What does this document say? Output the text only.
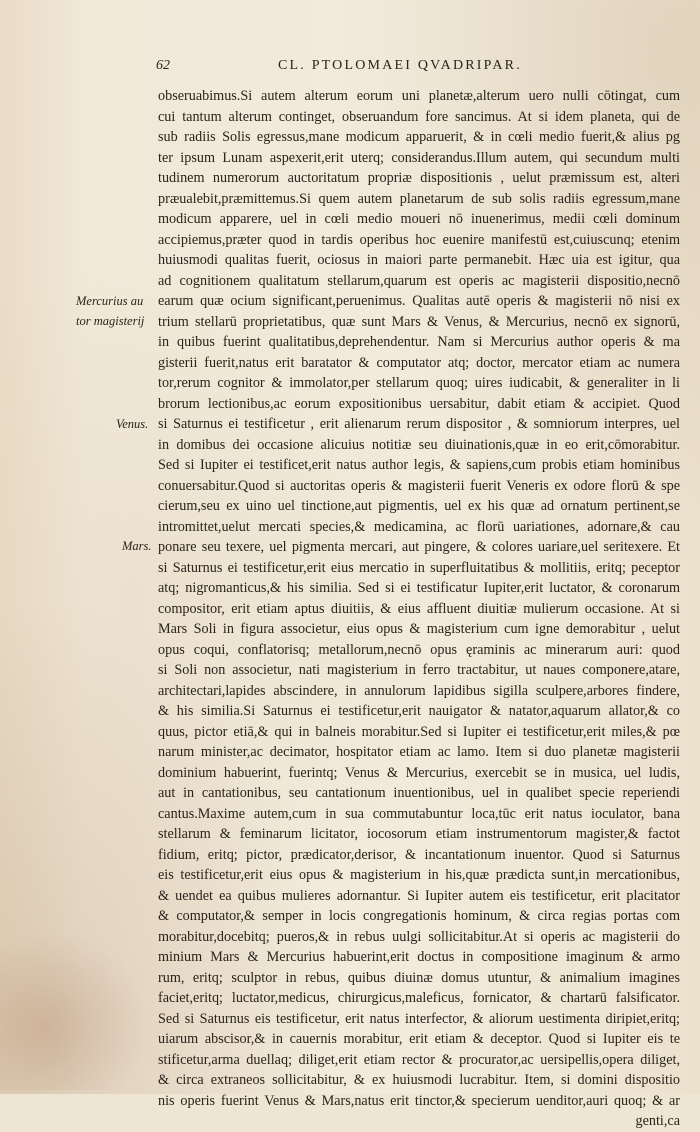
62	CL. PTOLOMAEI QVADRIPAR.
Mercurius au
tor magisterij
Venus.
Mars.
obseruabimus.Si autem alterum eorum uni planetæ,alterum uero nulli cōtingat, cum
cui tantum alterum continget, obseruandum fore sancimus. At si idem planeta, qui de
sub radiis Solis egressus,mane modicum apparuerit, & in cœli medio fuerit,& alius pg
ter ipsum Lunam aspexerit,erit uterq; considerandus.Illum autem, qui secundum multi
tudinem numerorum auctoritatum propriæ dispositionis , uelut præmissum est, alteri
præualebit,præmittemus.Si quem autem planetarum de sub solis radiis egressum,mane
modicum apparere, uel in cœli medio moueri nō inuenerimus, medii cœli dominum
accipiemus,præter quod in tardis operibus hoc euenire manifestū est,cuiuscunq; etenim
huiusmodi qualitas fuerit, ociosus in maiori parte permanebit. Hæc uia est igitur, qua
ad cognitionem qualitatum stellarum,quarum est operis ac magisterii dispositio,necnō
earum quæ ocium significant,peruenimus. Qualitas autē operis & magisterii nō nisi ex
trium stellarū proprietatibus, quæ sunt Mars & Venus, & Mercurius, necnō ex signorū,
in quibus fuerint qualitatibus,deprehendentur. Nam si Mercurius author operis & ma
gisterii fuerit,natus erit baratator & computator atq; doctor, mercator etiam ac numera
tor,rerum cognitor & immolator,per stellarum quoq; uires iudicabit, & generaliter in li
brorum lectionibus,ac eorum expositionibus uersabitur, dabit etiam & accipiet. Quod
si Saturnus ei testificetur , erit alienarum rerum dispositor , & somniorum interpres, uel
in domibus dei occasione alicuius notitiæ seu diuinationis,quæ in eo erit,cōmorabitur.
Sed si Iupiter ei testificet,erit natus author legis, & sapiens,cum probis etiam hominibus
conuersabitur.Quod si auctoritas operis & magisterii fuerit Veneris ex odore florū & spe
cierum,seu ex uino uel tinctione,aut pigmentis, uel ex his quæ ad ornatum pertinent,se
intromittet,uelut mercati species,& medicamina, ac florū uariationes, adornare,& cau
ponare seu texere, uel pigmenta mercari, aut pingere, & colores uariare,uel seritexere. Et
si Saturnus ei testificetur,erit eius mercatio in superfluitatibus & mollitiis, eritq; peceptor
atq; nigromanticus,& his similia. Sed si ei testificatur Iupiter,erit luctator, & coronarum
compositor, erit etiam aptus diuitiis, & eius affluent diuitiæ mulierum occasione. At si
Mars Soli in figura associetur, eius opus & magisterium cum igne demorabitur , uelut
opus coqui, conflatorisq; metallorum,necnō opus ęraminis ac minerarum auri: quod
si Soli non associetur, nati magisterium in ferro tractabitur, ut naues componere,atare,
architectari,lapides abscindere, in annulorum lapidibus sigilla sculpere,arbores findere,
& his similia.Si Saturnus ei testificetur,erit nauigator & natator,aquarum allator,& co
quus, pictor etiā,& qui in balneis morabitur.Sed si Iupiter ei testificetur,erit miles,& pœ
narum minister,ac decimator, hospitator etiam ac lamo. Item si duo planetæ magisterii
dominium habuerint, fuerintq; Venus & Mercurius, exercebit se in musica, uel ludis,
aut in cantationibus, seu cantationum inuentionibus, uel in qualibet specie reperiendi
cantus.Maxime autem,cum in sua commutabuntur loca,tūc erit natus ioculator, bana
stellarum & feminarum licitator, iocosorum etiam instrumentorum magister,& factot
fidium, eritq; pictor, prædicator,derisor, & incantationum inuentor. Quod si Saturnus
eis testificetur,erit eius opus & magisterium in his,quæ prædicta sunt,in mercationibus,
& uendet ea quibus mulieres adornantur. Si Iupiter autem eis testificetur, erit placitator
& computator,& semper in locis congregationis hominum, & circa regias portas com
morabitur,docebitq; pueros,& in rebus uulgi sollicitabitur.At si operis ac magisterii do
minium Mars & Mercurius habuerint,erit doctus in compositione imaginum & armo
rum, eritq; sculptor in rebus, quibus diuinæ domus utuntur, & animalium imagines
faciet,eritq; luctator,medicus, chirurgicus,maleficus, fornicator, & chartarū falsificator.
Sed si Saturnus eis testificetur, erit natus interfector, & aliorum uestimenta diripiet,eritq;
uiarum abscisor,& in cauernis morabitur, erit etiam & deceptor. Quod si Iupiter eis te
stificetur,arma duellaq; diliget,erit etiam rector & procurator,ac uersipellis,opera diliget,
& circa extraneos sollicitabitur, & ex huiusmodi lucrabitur. Item, si domini dispositio
nis operis fuerint Venus & Mars,natus erit tinctor,& specierum uenditor,auri quoq; & ar
genti,ca
